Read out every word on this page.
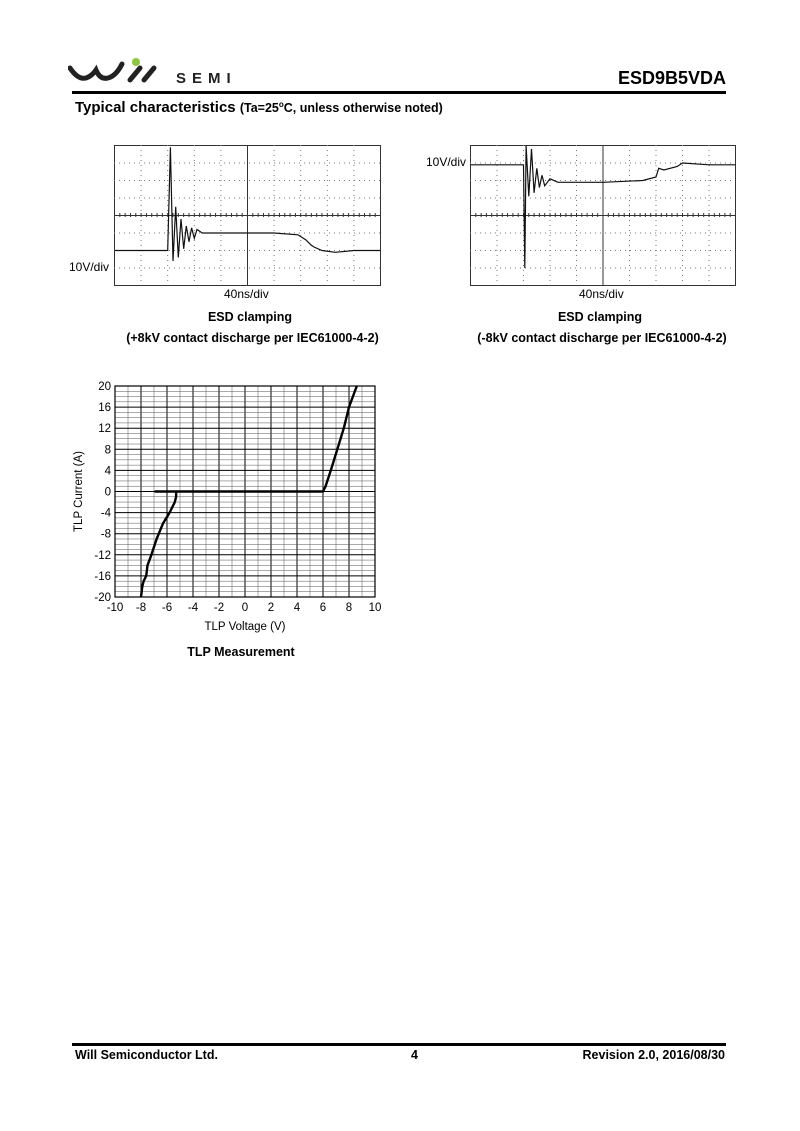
SEMI	ESD9B5VDA
Typical characteristics ($Ta=25^oC$, unless otherwise noted)
10V/div
40ns/div
ESD clamping
(+8kV contact discharge per IEC61000-4-2)
10V/div
40ns/div
ESD clamping
(-8kV contact discharge per IEC61000-4-2)
-10 -8 -6 -4 -2 0 2 4 6 8 10
20
16
12
8
4
0
-4
-8
-12
-16
-20
TLP Voltage (V)
TLP Current (A)
TLP Measurement
Will Semiconductor Ltd.	4	Revision 2.0, 2016/08/30
